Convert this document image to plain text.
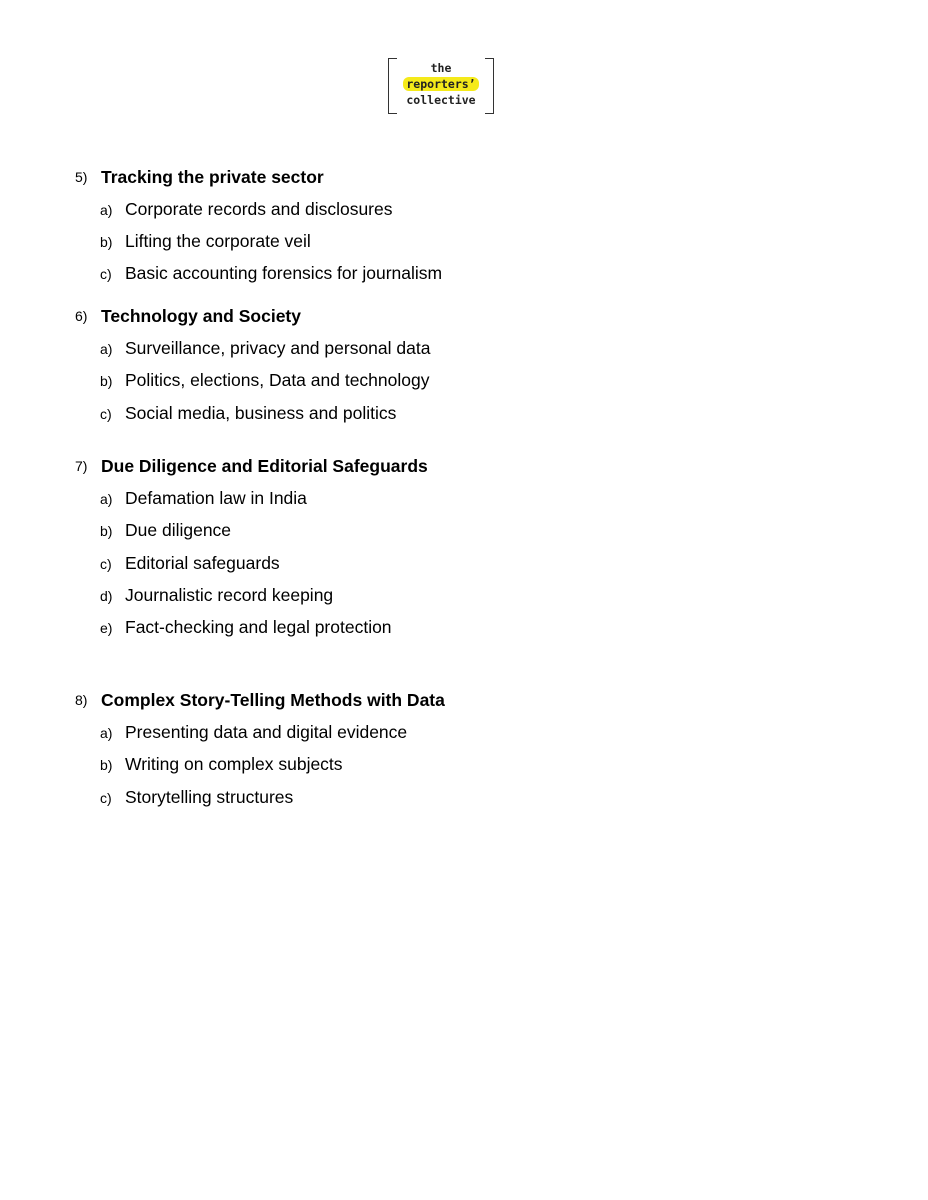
the
reporters’
collective
5) Tracking the private sector
a) Corporate records and disclosures
b) Lifting the corporate veil
c) Basic accounting forensics for journalism
6) Technology and Society
a) Surveillance, privacy and personal data
b) Politics, elections, Data and technology
c) Social media, business and politics
7) Due Diligence and Editorial Safeguards
a) Defamation law in India
b) Due diligence
c) Editorial safeguards
d) Journalistic record keeping
e) Fact-checking and legal protection
8) Complex Story-Telling Methods with Data
a) Presenting data and digital evidence
b) Writing on complex subjects
c) Storytelling structures
